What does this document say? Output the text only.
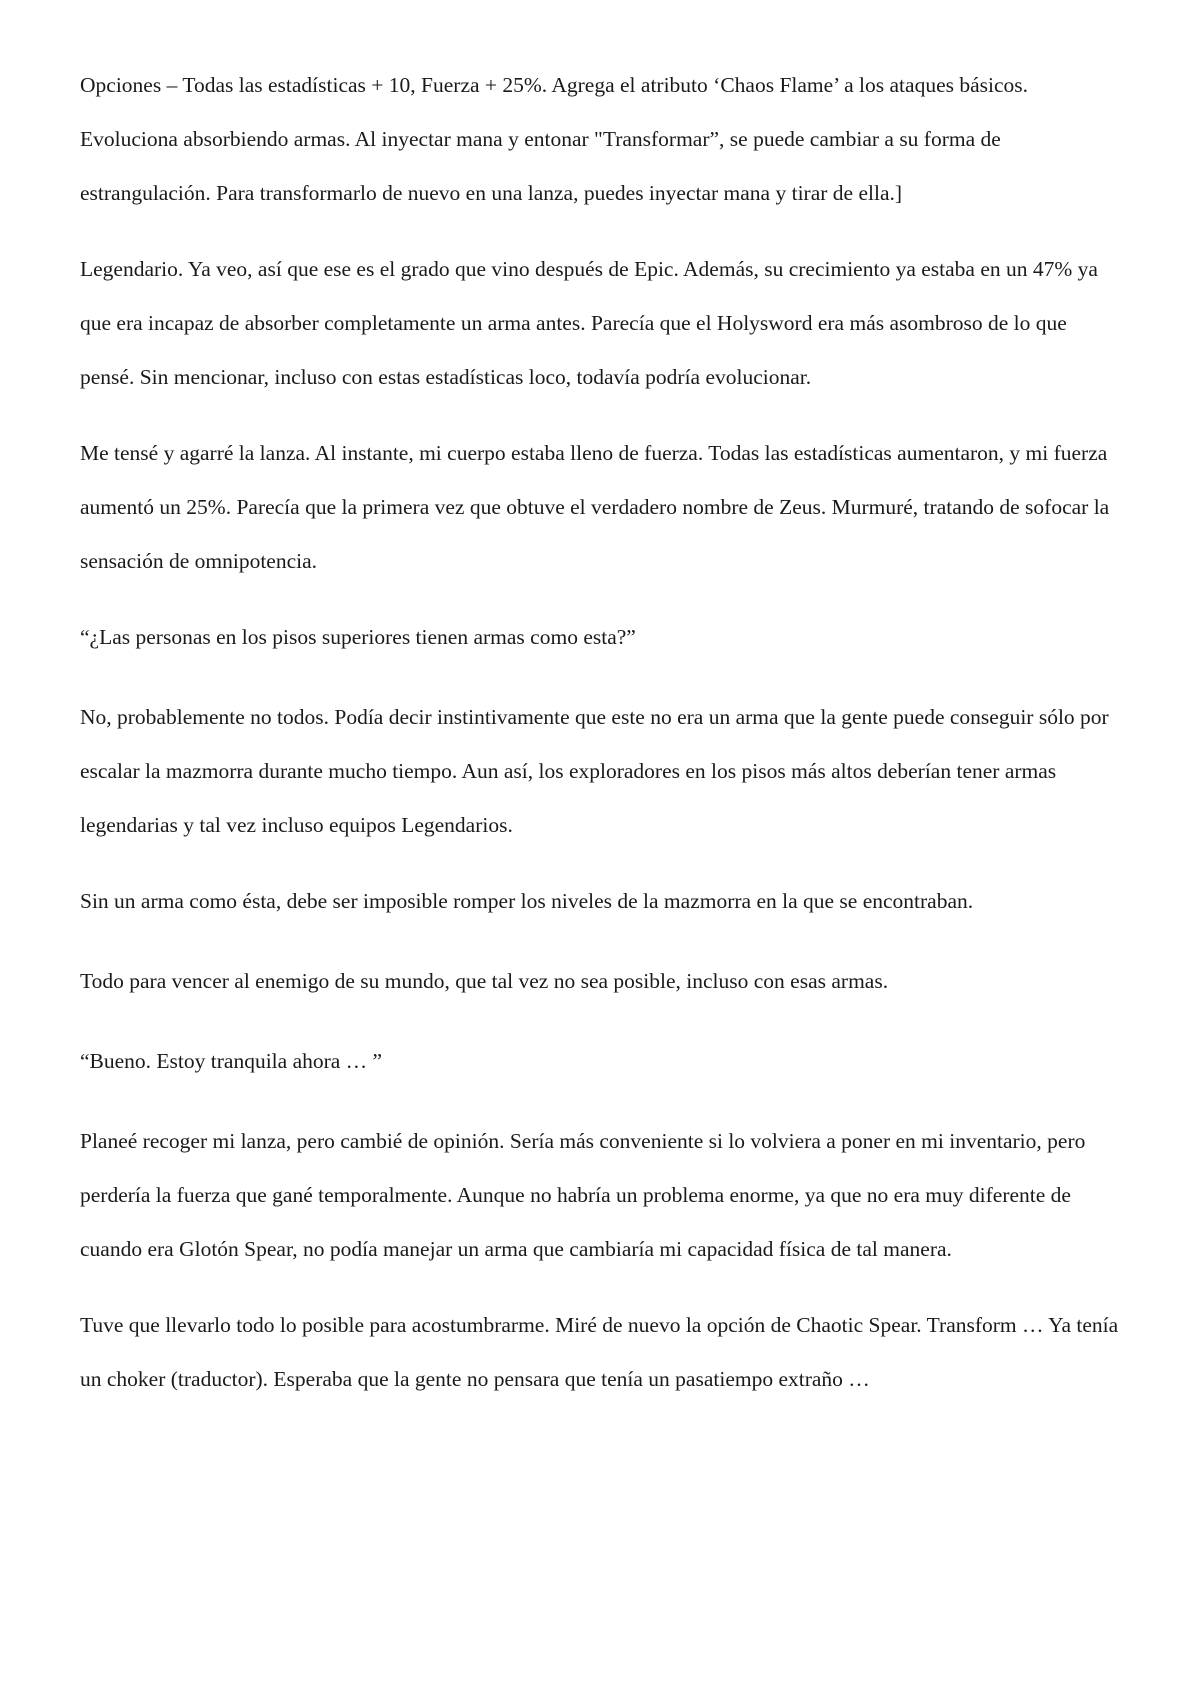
Opciones – Todas las estadísticas + 10, Fuerza + 25%. Agrega el atributo ‘Chaos Flame’ a los ataques básicos. Evoluciona absorbiendo armas. Al inyectar mana y entonar "Transformar”, se puede cambiar a su forma de estrangulación. Para transformarlo de nuevo en una lanza, puedes inyectar mana y tirar de ella.]

Legendario. Ya veo, así que ese es el grado que vino después de Epic. Además, su crecimiento ya estaba en un 47% ya que era incapaz de absorber completamente un arma antes. Parecía que el Holysword era más asombroso de lo que pensé. Sin mencionar, incluso con estas estadísticas loco, todavía podría evolucionar.

Me tensé y agarré la lanza. Al instante, mi cuerpo estaba lleno de fuerza. Todas las estadísticas aumentaron, y mi fuerza aumentó un 25%. Parecía que la primera vez que obtuve el verdadero nombre de Zeus. Murmuré, tratando de sofocar la sensación de omnipotencia.

“¿Las personas en los pisos superiores tienen armas como esta?”

No, probablemente no todos. Podía decir instintivamente que este no era un arma que la gente puede conseguir sólo por escalar la mazmorra durante mucho tiempo. Aun así, los exploradores en los pisos más altos deberían tener armas legendarias y tal vez incluso equipos Legendarios.

Sin un arma como ésta, debe ser imposible romper los niveles de la mazmorra en la que se encontraban.

Todo para vencer al enemigo de su mundo, que tal vez no sea posible, incluso con esas armas.

“Bueno. Estoy tranquila ahora … ”

Planeé recoger mi lanza, pero cambié de opinión. Sería más conveniente si lo volviera a poner en mi inventario, pero perdería la fuerza que gané temporalmente. Aunque no habría un problema enorme, ya que no era muy diferente de cuando era Glotón Spear, no podía manejar un arma que cambiaría mi capacidad física de tal manera.

Tuve que llevarlo todo lo posible para acostumbrarme. Miré de nuevo la opción de Chaotic Spear. Transform … Ya tenía un choker (traductor). Esperaba que la gente no pensara que tenía un pasatiempo extraño …
